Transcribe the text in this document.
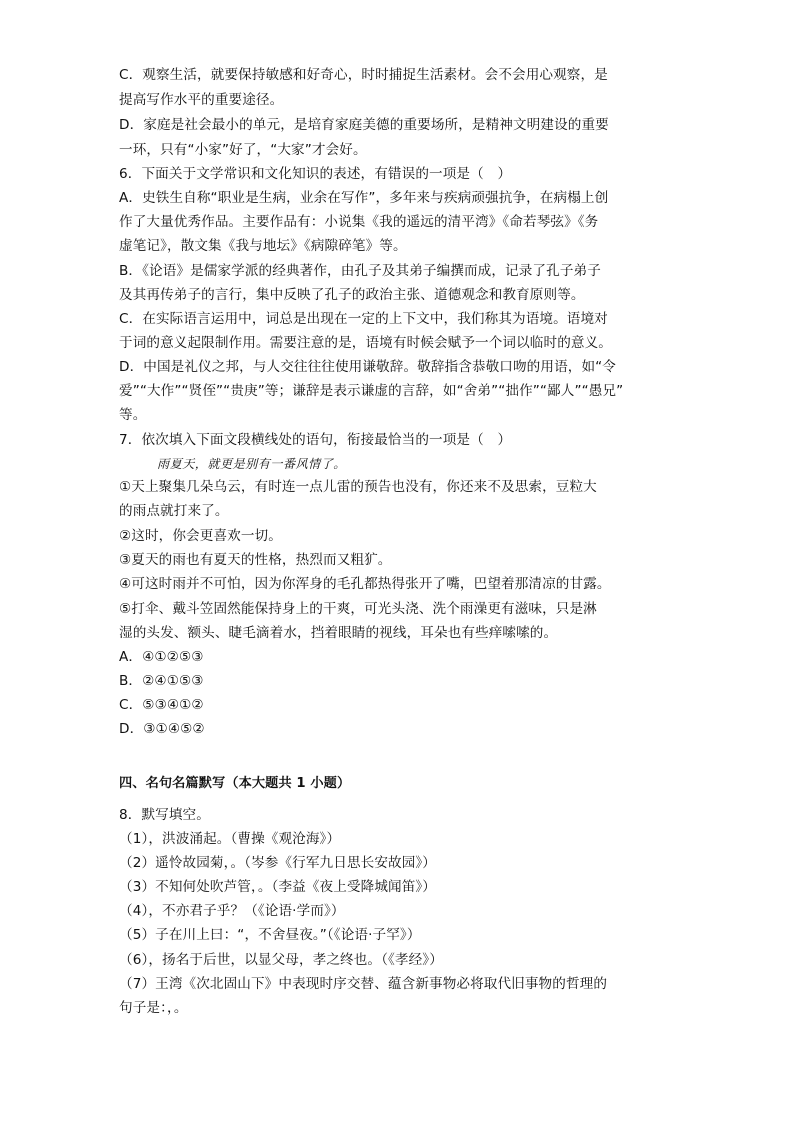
C．观察生活，就要保持敏感和好奇心，时时捕捉生活素材。会不会用心观察，是
提高写作水平的重要途径。
D．家庭是社会最小的单元，是培育家庭美德的重要场所，是精神文明建设的重要
一环，只有“小家”好了，“大家”才会好。
6．下面关于文学常识和文化知识的表述，有错误的一项是（　）
A．史铁生自称“职业是生病，业余在写作”，多年来与疾病顽强抗争，在病榻上创
作了大量优秀作品。主要作品有：小说集《我的遥远的清平湾》《命若琴弦》《务
虚笔记》，散文集《我与地坛》《病隙碎笔》等。
B．《论语》是儒家学派的经典著作，由孔子及其弟子编撰而成，记录了孔子弟子
及其再传弟子的言行，集中反映了孔子的政治主张、道德观念和教育原则等。
C．在实际语言运用中，词总是出现在一定的上下文中，我们称其为语境。语境对
于词的意义起限制作用。需要注意的是，语境有时候会赋予一个词以临时的意义。
D．中国是礼仪之邦，与人交往往往使用谦敬辞。敬辞指含恭敬口吻的用语，如“令
爱”“大作”“贤侄”“贵庚”等；谦辞是表示谦虚的言辞，如“舍弟”“拙作”“鄙人”“愚兄”
等。
7．依次填入下面文段横线处的语句，衔接最恰当的一项是（　）
雨夏天，就更是别有一番风情了。
①天上聚集几朵乌云，有时连一点儿雷的预告也没有，你还来不及思索，豆粒大
的雨点就打来了。
②这时，你会更喜欢一切。
③夏天的雨也有夏天的性格，热烈而又粗犷。
④可这时雨并不可怕，因为你浑身的毛孔都热得张开了嘴，巴望着那清凉的甘露。
⑤打伞、戴斗笠固然能保持身上的干爽，可光头浇、洗个雨澡更有滋味，只是淋
湿的头发、额头、睫毛滴着水，挡着眼睛的视线，耳朵也有些痒嗦嗦的。
A．④①②⑤③
B．②④①⑤③
C．⑤③④①②
D．③①④⑤②
四、名句名篇默写（本大题共 1 小题）
8．默写填空。
（1），洪波涌起。（曹操《观沧海》）
（2）遥怜故园菊，。（岑参《行军九日思长安故园》）
（3）不知何处吹芦管，。（李益《夜上受降城闻笛》）
（4），不亦君子乎？（《论语·学而》）
（5）子在川上曰：“，不舍昼夜。”（《论语·子罕》）
（6），扬名于后世，以显父母，孝之终也。（《孝经》）
（7）王湾《次北固山下》中表现时序交替、蕴含新事物必将取代旧事物的哲理的
句子是：，。
